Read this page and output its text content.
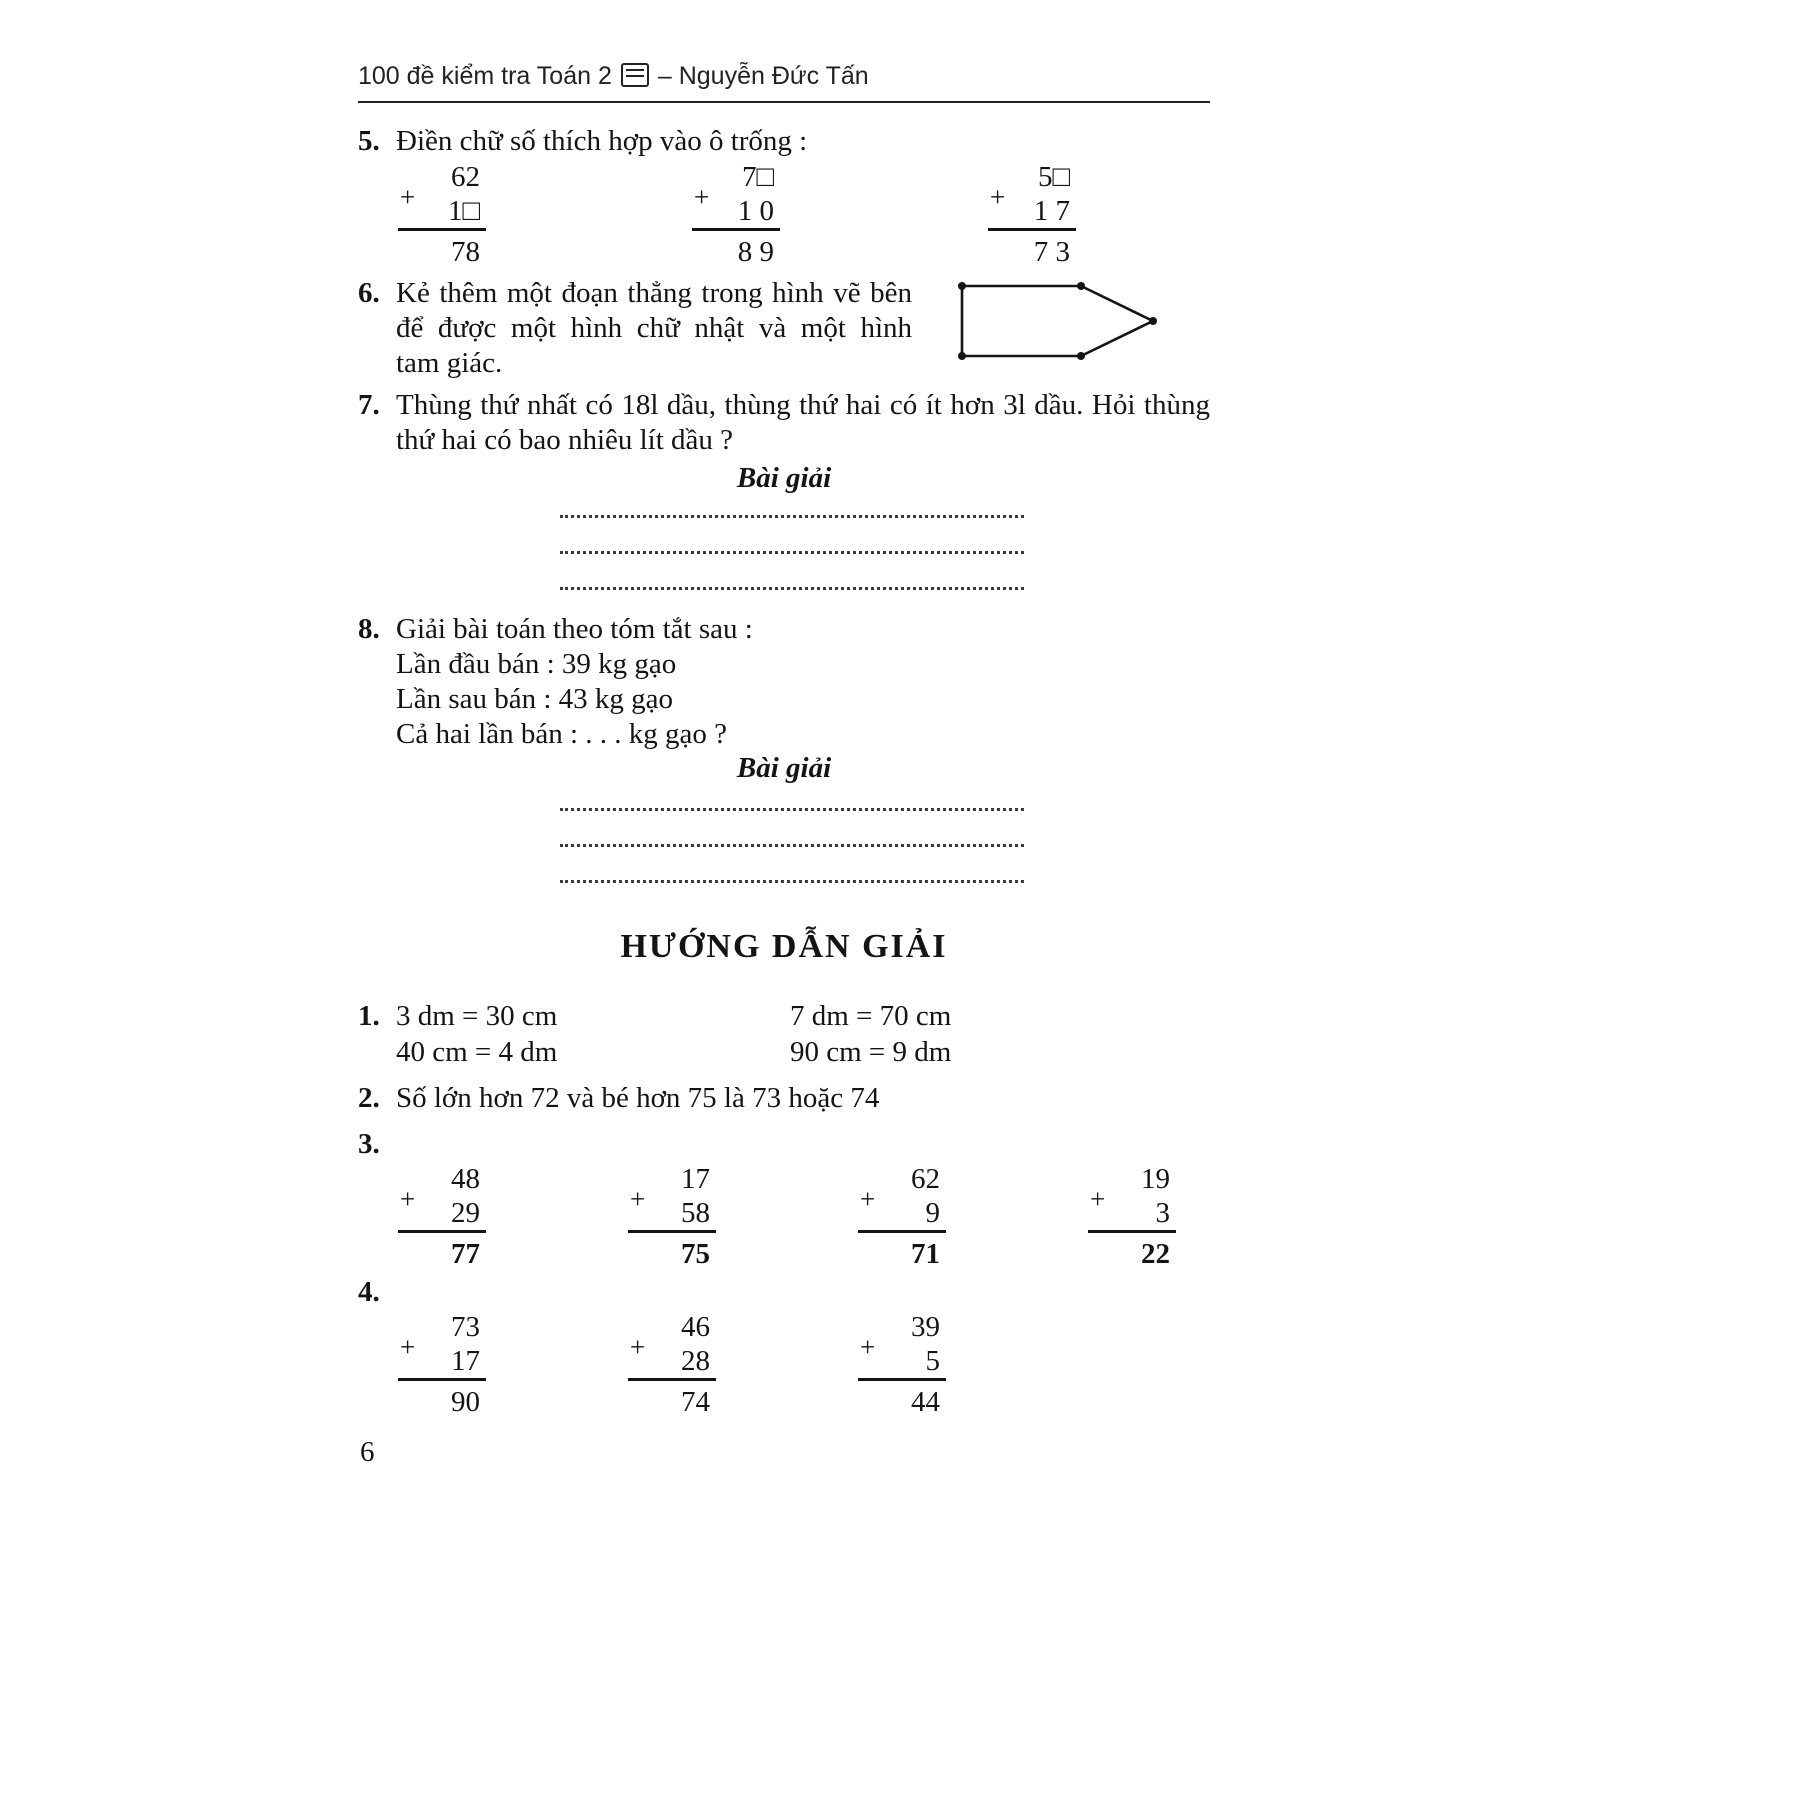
100 đề kiểm tra Toán 2 – Nguyễn Đức Tấn
5. Điền chữ số thích hợp vào ô trống :
62
+ 1□
78
7□
+ 1 0
8 9
5□
+ 1 7
7 3
6. Kẻ thêm một đoạn thẳng trong hình vẽ bên
để được một hình chữ nhật và một hình
tam giác.
7. Thùng thứ nhất có 18l dầu, thùng thứ hai có ít hơn 3l dầu. Hỏi thùng
thứ hai có bao nhiêu lít dầu ?
Bài giải
8. Giải bài toán theo tóm tắt sau :
Lần đầu bán : 39 kg gạo
Lần sau bán : 43 kg gạo
Cả hai lần bán : . . . kg gạo ?
Bài giải
HƯỚNG DẪN GIẢI
1. 3 dm = 30 cm	7 dm = 70 cm
40 cm = 4 dm	90 cm = 9 dm
2. Số lớn hơn 72 và bé hơn 75 là 73 hoặc 74
3.
48
+ 29
77
17
+ 58
75
62
+ 9
71
19
+ 3
22
4.
73
+ 17
90
46
+ 28
74
39
+ 5
44
6
